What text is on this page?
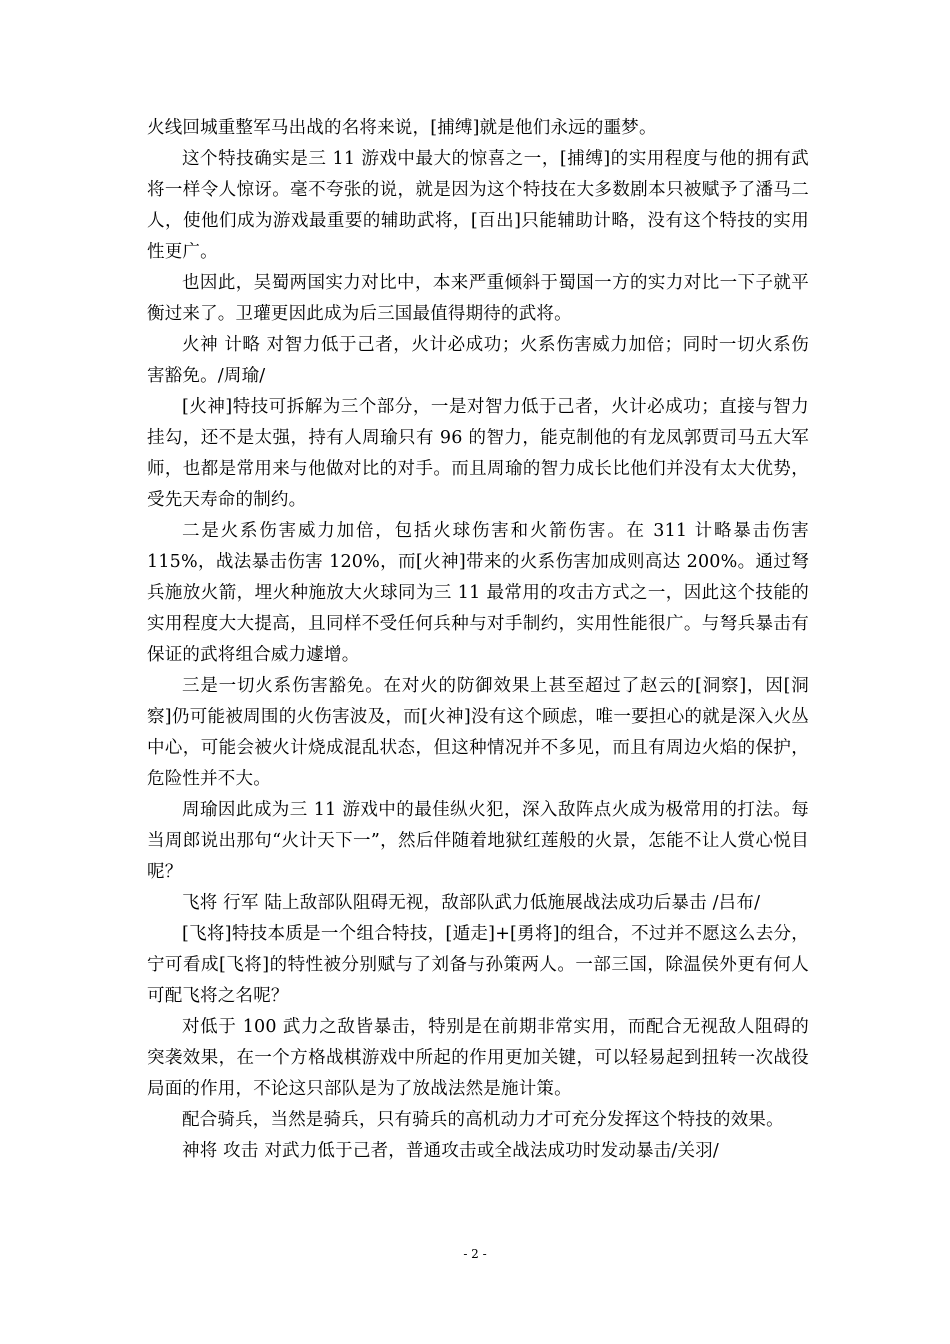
火线回城重整军马出战的名将来说，[捕缚]就是他们永远的噩梦。

这个特技确实是三 11 游戏中最大的惊喜之一，[捕缚]的实用程度与他的拥有武将一样令人惊讶。毫不夸张的说，就是因为这个特技在大多数剧本只被赋予了潘马二人，使他们成为游戏最重要的辅助武将，[百出]只能辅助计略，没有这个特技的实用性更广。

也因此，吴蜀两国实力对比中，本来严重倾斜于蜀国一方的实力对比一下子就平衡过来了。卫瓘更因此成为后三国最值得期待的武将。

火神 计略 对智力低于己者，火计必成功；火系伤害威力加倍；同时一切火系伤害豁免。/周瑜/

[火神]特技可拆解为三个部分，一是对智力低于己者，火计必成功；直接与智力挂勾，还不是太强，持有人周瑜只有 96 的智力，能克制他的有龙凤郭贾司马五大军师，也都是常用来与他做对比的对手。而且周瑜的智力成长比他们并没有太大优势，受先天寿命的制约。

二是火系伤害威力加倍，包括火球伤害和火箭伤害。在 311 计略暴击伤害 115%，战法暴击伤害 120%，而[火神]带来的火系伤害加成则高达 200%。通过弩兵施放火箭，埋火种施放大火球同为三 11 最常用的攻击方式之一，因此这个技能的实用程度大大提高，且同样不受任何兵种与对手制约，实用性能很广。与弩兵暴击有保证的武将组合威力遽增。

三是一切火系伤害豁免。在对火的防御效果上甚至超过了赵云的[洞察]，因[洞察]仍可能被周围的火伤害波及，而[火神]没有这个顾虑，唯一要担心的就是深入火丛中心，可能会被火计烧成混乱状态，但这种情况并不多见，而且有周边火焰的保护，危险性并不大。

周瑜因此成为三 11 游戏中的最佳纵火犯，深入敌阵点火成为极常用的打法。每当周郎说出那句“火计天下一”，然后伴随着地狱红莲般的火景，怎能不让人赏心悦目呢？

飞将 行军 陆上敌部队阻碍无视，敌部队武力低施展战法成功后暴击 /吕布/

[飞将]特技本质是一个组合特技，[遁走]+[勇将]的组合，不过并不愿这么去分，宁可看成[飞将]的特性被分别赋与了刘备与孙策两人。一部三国，除温侯外更有何人可配飞将之名呢？

对低于 100 武力之敌皆暴击，特别是在前期非常实用，而配合无视敌人阻碍的突袭效果，在一个方格战棋游戏中所起的作用更加关键，可以轻易起到扭转一次战役局面的作用，不论这只部队是为了放战法然是施计策。

配合骑兵，当然是骑兵，只有骑兵的高机动力才可充分发挥这个特技的效果。

神将 攻击 对武力低于己者，普通攻击或全战法成功时发动暴击/关羽/

- 2 -
